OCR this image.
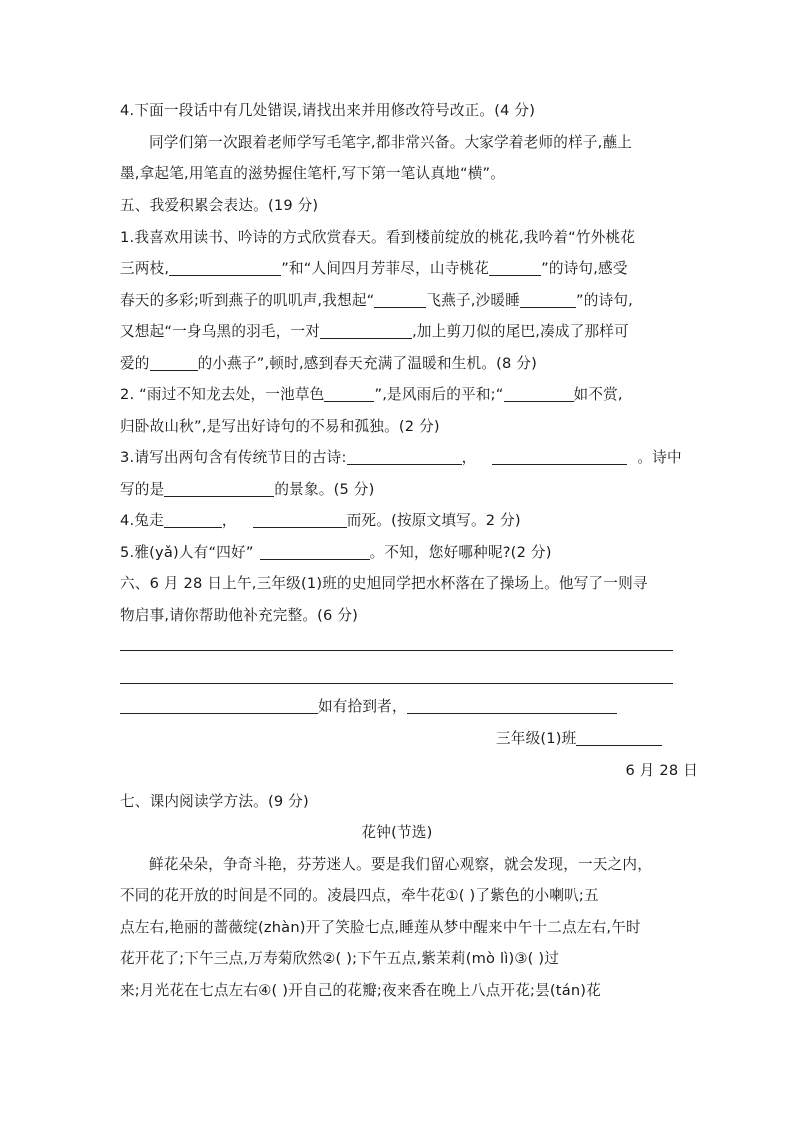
4.下面一段话中有几处错误,请找出来并用修改符号改正。(4 分)
同学们第一次跟着老师学写毛笔字,都非常兴备。大家学着老师的样子,蘸上
墨,拿起笔,用笔直的滋势握住笔杆,写下第一笔认真地“横”。
五、我爱积累会表达。(19 分)
1.我喜欢用读书、吟诗的方式欣赏春天。看到楼前绽放的桃花,我吟着“竹外桃花
三两枝,	”和“人间四月芳菲尽，山寺桃花	”的诗句,感受
春天的多彩;听到燕子的叽叽声,我想起“	飞燕子,沙暖睡	”的诗句,
又想起“一身乌黑的羽毛，一对	,加上剪刀似的尾巴,凑成了那样可
爱的	的小燕子”,顿时,感到春天充满了温暖和生机。(8 分)
2. “雨过不知龙去处，一池草色	”,是风雨后的平和;“	如不赏,
归卧故山秋”,是写出好诗句的不易和孤独。(2 分)
3.请写出两句含有传统节日的古诗:	，	。诗中
写的是	的景象。(5 分)
4.兔走	，	而死。(按原文填写。2 分)
5.雅(yǎ)人有“四好”	。不知，您好哪种呢?(2 分)
六、6 月 28 日上午,三年级(1)班的史旭同学把水杯落在了操场上。他写了一则寻
物启事,请你帮助他补充完整。(6 分)
如有拾到者，
三年级(1)班
6 月 28 日
七、课内阅读学方法。(9 分)
花钟(节选)
鲜花朵朵，争奇斗艳，芬芳迷人。要是我们留心观察，就会发现，一天之内，
不同的花开放的时间是不同的。凌晨四点，牵牛花①( )了紫色的小喇叭;五
点左右,艳丽的蔷薇绽(zhàn)开了笑脸七点,睡莲从梦中醒来中午十二点左右,午时
花开花了;下午三点,万寿菊欣然②( );下午五点,紫茉莉(mò lì)③( )过
来;月光花在七点左右④( )开自己的花瓣;夜来香在晚上八点开花;昙(tán)花
